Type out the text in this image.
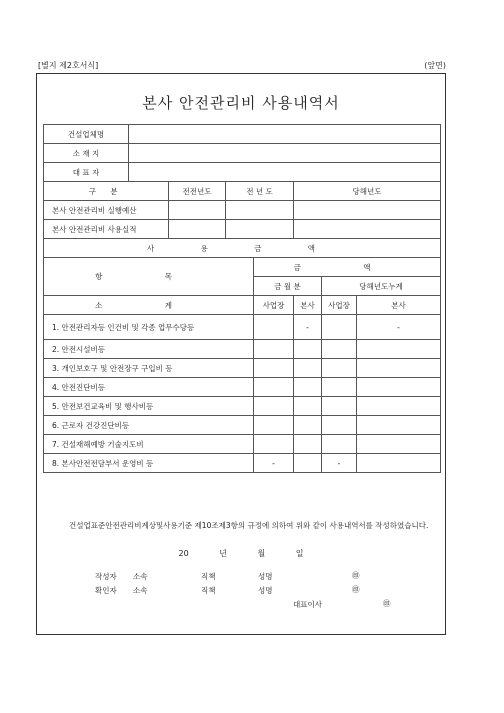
[별지 제2호서식]	(앞면)
본사 안전관리비 사용내역서
건설업체명							
소 재 지							
대 표 자							
구 분		전전년도	전 년 도		당해년도		
본사 안전관리비 실행예산							
본사 안전관리비 사용실적							
사 용 금 액							
항 목				금 액			
				금 월 분		당해년도누계	
소 계				사업장	본사	사업장	본사
1. 안전관리자등 인건비 및 각종 업무수당등					-		-
2. 안전시설비등							
3. 개인보호구 및 안전장구 구입비 등							
4. 안전진단비등							
5. 안전보건교육비 및 행사비등							
6. 근로자 건강진단비등							
7. 건설재해예방 기술지도비							
8. 본사안전전담부서 운영비 등				-		-	
건설업표준안전관리비계상및사용기준 제10조제3항의 규정에 의하여 위와 같이 사용내역서를 작성하였습니다.
20	년	월	일
작성자 소속	직책	성명	㊞
확인자 소속	직책	성명	㊞
대표이사	㊞
